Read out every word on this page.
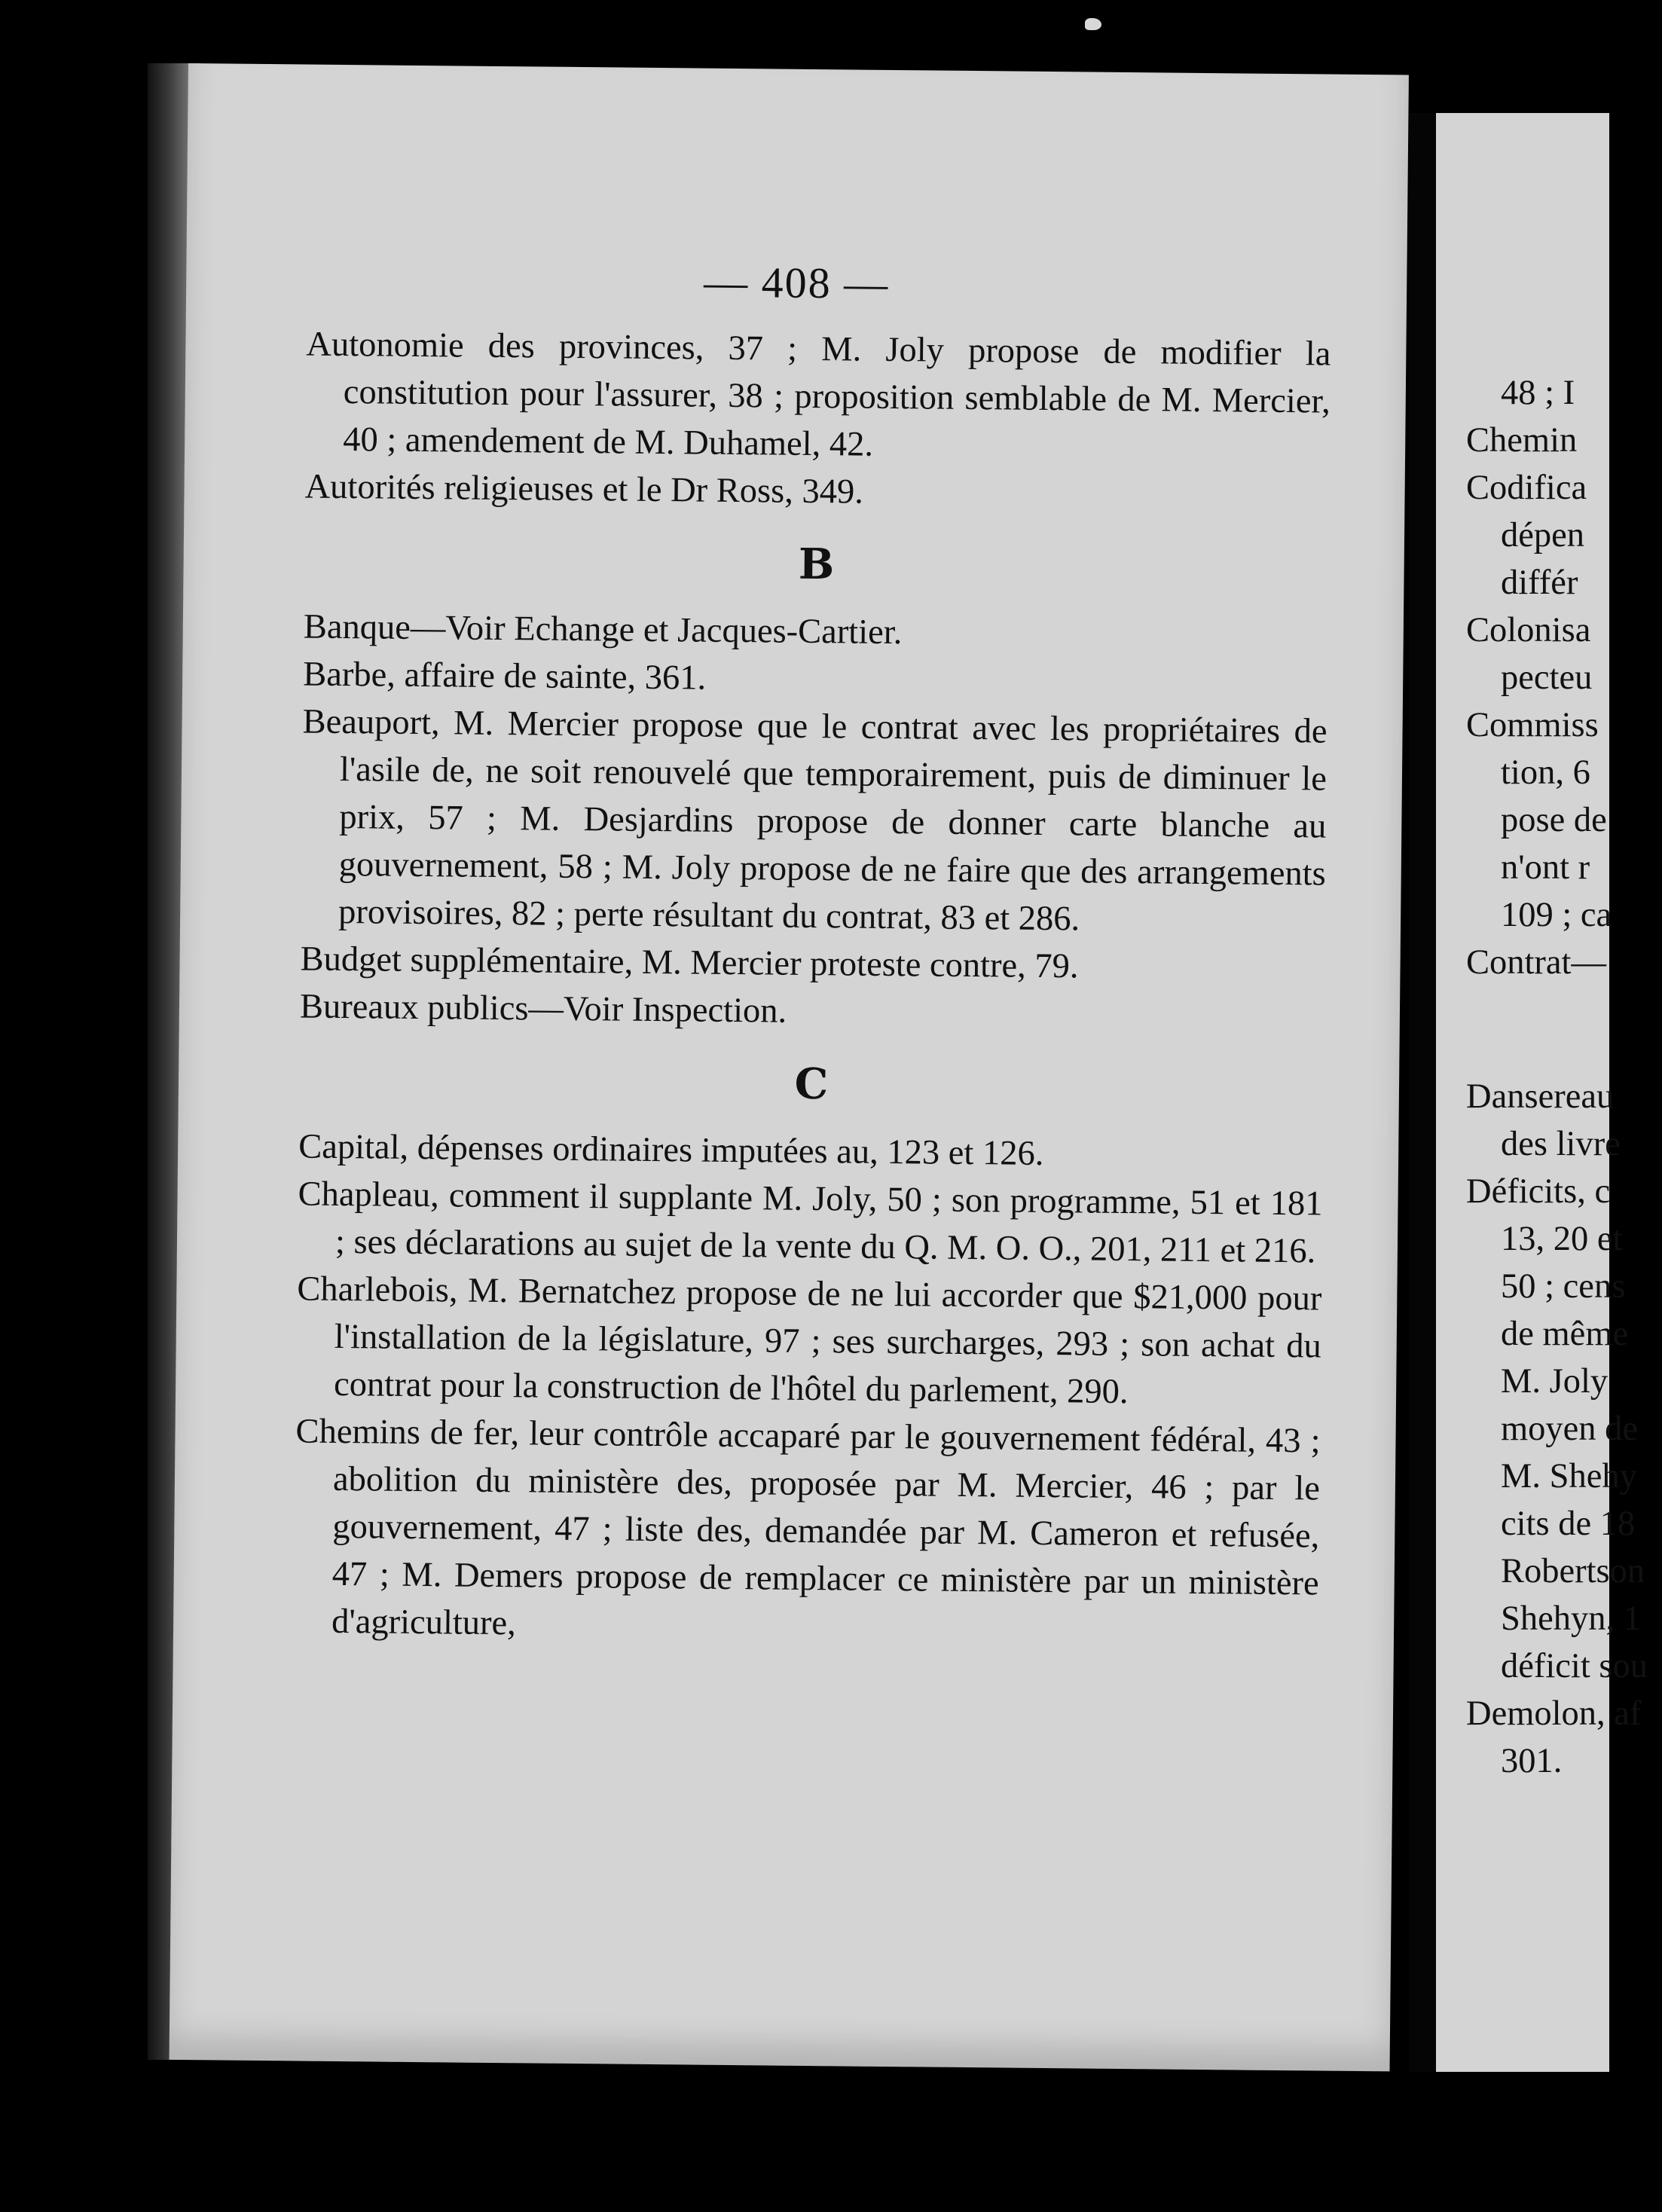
— 408 —

Autonomie des provinces, 37 ; M. Joly propose de modifier la constitution pour l'assurer, 38 ; proposition semblable de M. Mercier, 40 ; amendement de M. Duhamel, 42.

Autorités religieuses et le Dr Ross, 349.

B

Banque—Voir Echange et Jacques-Cartier.

Barbe, affaire de sainte, 361.

Beauport, M. Mercier propose que le contrat avec les propriétaires de l'asile de, ne soit renouvelé que temporairement, puis de diminuer le prix, 57 ; M. Desjardins propose de donner carte blanche au gouvernement, 58 ; M. Joly propose de ne faire que des arrangements provisoires, 82 ; perte résultant du contrat, 83 et 286.

Budget supplémentaire, M. Mercier proteste contre, 79.

Bureaux publics—Voir Inspection.

C

Capital, dépenses ordinaires imputées au, 123 et 126.

Chapleau, comment il supplante M. Joly, 50 ; son programme, 51 et 181 ; ses déclarations au sujet de la vente du Q. M. O. O., 201, 211 et 216.

Charlebois, M. Bernatchez propose de ne lui accorder que $21,000 pour l'installation de la législature, 97 ; ses surcharges, 293 ; son achat du contrat pour la construction de l'hôtel du parlement, 290.

Chemins de fer, leur contrôle accaparé par le gouvernement fédéral, 43 ; abolition du ministère des, proposée par M. Mercier, 46 ; par le gouvernement, 47 ; liste des, demandée par M. Cameron et refusée, 47 ; M. Demers propose de remplacer ce ministère par un ministère d'agriculture,

48 ; I
Chemin
Codifica
dépen
différ
Colonisa
pecteu
Commiss
tion, 6
pose de
n'ont r
109 ; ca
Contrat—
Dansereau
des livre
Déficits, c
13, 20 et
50 ; cens
de même
M. Joly
moyen de
M. Shehy
cits de 18
Robertson
Shehyn, 1
déficit sou
Demolon, af
301.
